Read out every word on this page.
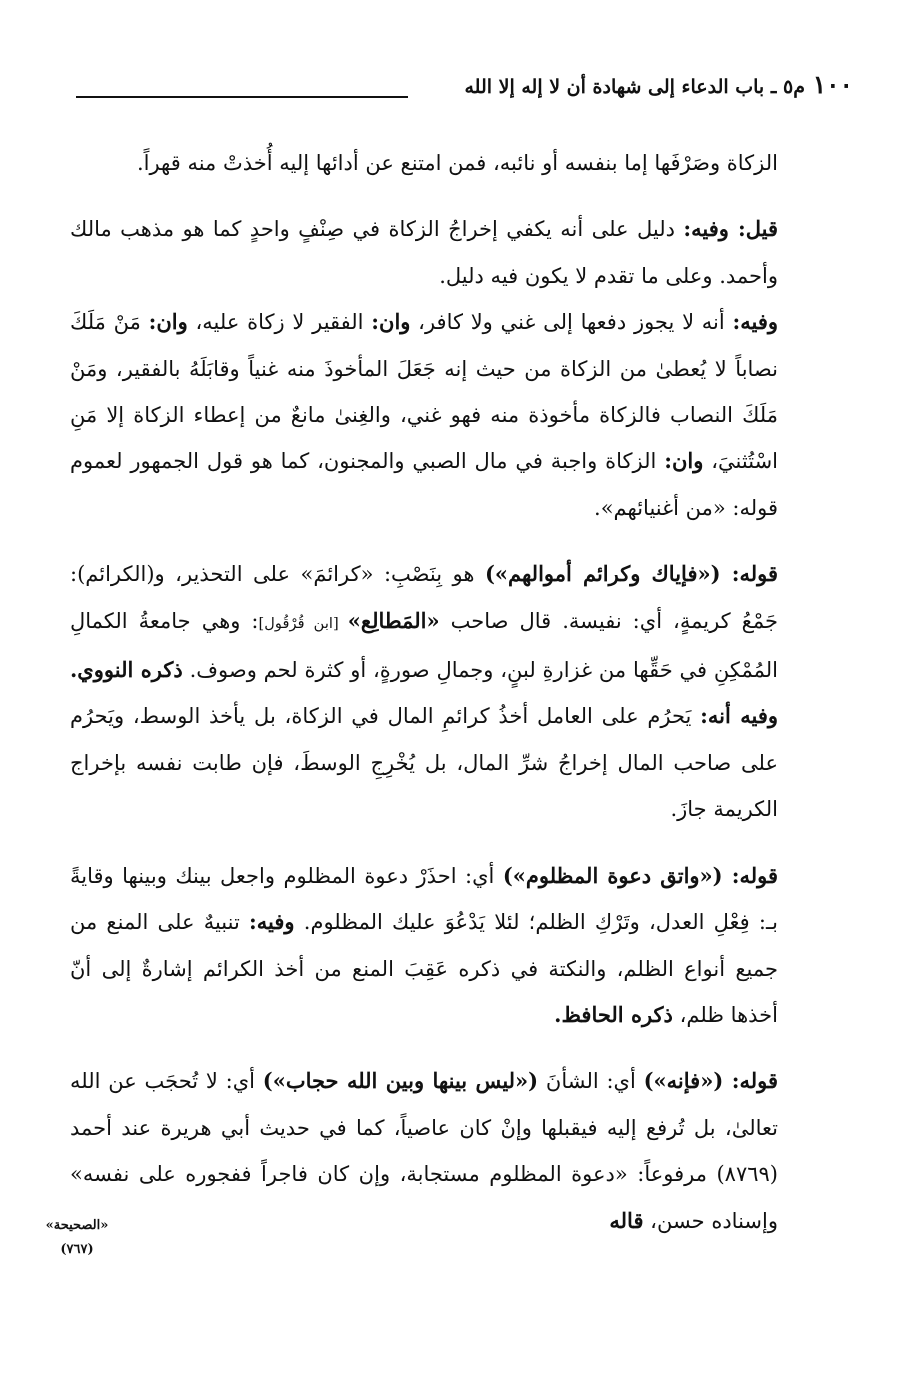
١٠٠
م٥ ـ باب الدعاء إلى شهادة أن لا إله إلا الله

الزكاة وصَرْفَها إما بنفسه أو نائبه، فمن امتنع عن أدائها إليه أُخذتْ منه قهراً.

قيل: وفيه: دليل على أنه يكفي إخراجُ الزكاة في صِنْفٍ واحدٍ كما هو مذهب مالك وأحمد. وعلى ما تقدم لا يكون فيه دليل.

وفيه: أنه لا يجوز دفعها إلى غني ولا كافر، وان: الفقير لا زكاة عليه، وان: مَنْ مَلَكَ نصاباً لا يُعطىٰ من الزكاة من حيث إنه جَعَلَ المأخوذَ منه غنياً وقابَلَهُ بالفقير، ومَنْ مَلَكَ النصاب فالزكاة مأخوذة منه فهو غني، والغِنىٰ مانعٌ من إعطاء الزكاة إلا مَنِ اسْتُثنيَ، وان: الزكاة واجبة في مال الصبي والمجنون، كما هو قول الجمهور لعموم قوله: «من أغنيائهم».

قوله: («فإياك وكرائم أموالهم») هو بِنَصْبِ: «كرائمَ» على التحذير، و(الكرائم): جَمْعُ كريمةٍ، أي: نفيسة. قال صاحب «المَطالِع» [ابن قُرْقُول]: وهي جامعةُ الكمالِ المُمْكِنِ في حَقِّها من غزارةِ لبنٍ، وجمالِ صورةٍ، أو كثرة لحم وصوف. ذكره النووي. وفيه أنه: يَحرُم على العامل أخذُ كرائمِ المال في الزكاة، بل يأخذ الوسط، ويَحرُم على صاحب المال إخراجُ شرِّ المال، بل يُخْرِجِ الوسطَ، فإن طابت نفسه بإخراج الكريمة جازَ.

قوله: («واتق دعوة المظلوم») أي: احذَرْ دعوة المظلوم واجعل بينك وبينها وقايةً بـ: فِعْلِ العدل، وتَرْكِ الظلم؛ لئلا يَدْعُوَ عليك المظلوم. وفيه: تنبيهٌ على المنع من جميع أنواع الظلم، والنكتة في ذكره عَقِبَ المنع من أخذ الكرائم إشارةٌ إلى أنّ أخذها ظلم، ذكره الحافظ.

قوله: («فإنه») أي: الشأنَ («ليس بينها وبين الله حجاب») أي: لا تُحجَب عن الله تعالىٰ، بل تُرفع إليه فيقبلها وإنْ كان عاصياً، كما في حديث أبي هريرة عند أحمد (٨٧٦٩) مرفوعاً: «دعوة المظلوم مستجابة، وإن كان فاجراً ففجوره على نفسه» وإسناده حسن، قاله

«الصحيحة»
(٧٦٧)
